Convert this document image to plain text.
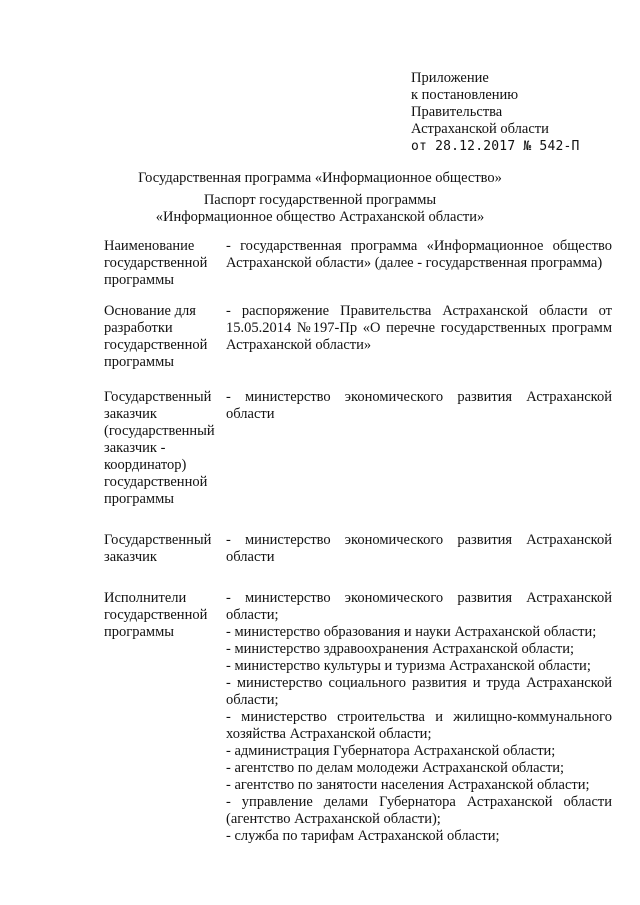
Приложение
к постановлению
Правительства
Астраханской области
от 28.12.2017 № 542-П
Государственная программа «Информационное общество»
Паспорт государственной программы
«Информационное общество Астраханской области»
Наименование
государственной
программы
- государственная программа «Информационное общество Астраханской области» (далее - государственная программа)
Основание для
разработки
государственной
программы
- распоряжение Правительства Астраханской области от 15.05.2014 №197-Пр «О перечне государственных программ Астраханской области»
Государственный
заказчик
(государственный
заказчик -
координатор)
государственной
программы
- министерство экономического развития Астраханской области
Государственный
заказчик
- министерство экономического развития Астраханской области
Исполнители
государственной
программы
- министерство экономического развития Астраханской области;
- министерство образования и науки Астраханской области;
- министерство здравоохранения Астраханской области;
- министерство культуры и туризма Астраханской области;
- министерство социального развития и труда Астраханской области;
- министерство строительства и жилищно-коммунального хозяйства Астраханской области;
- администрация Губернатора Астраханской области;
- агентство по делам молодежи Астраханской области;
- агентство по занятости населения Астраханской области;
- управление делами Губернатора Астраханской области (агентство Астраханской области);
- служба по тарифам Астраханской области;
